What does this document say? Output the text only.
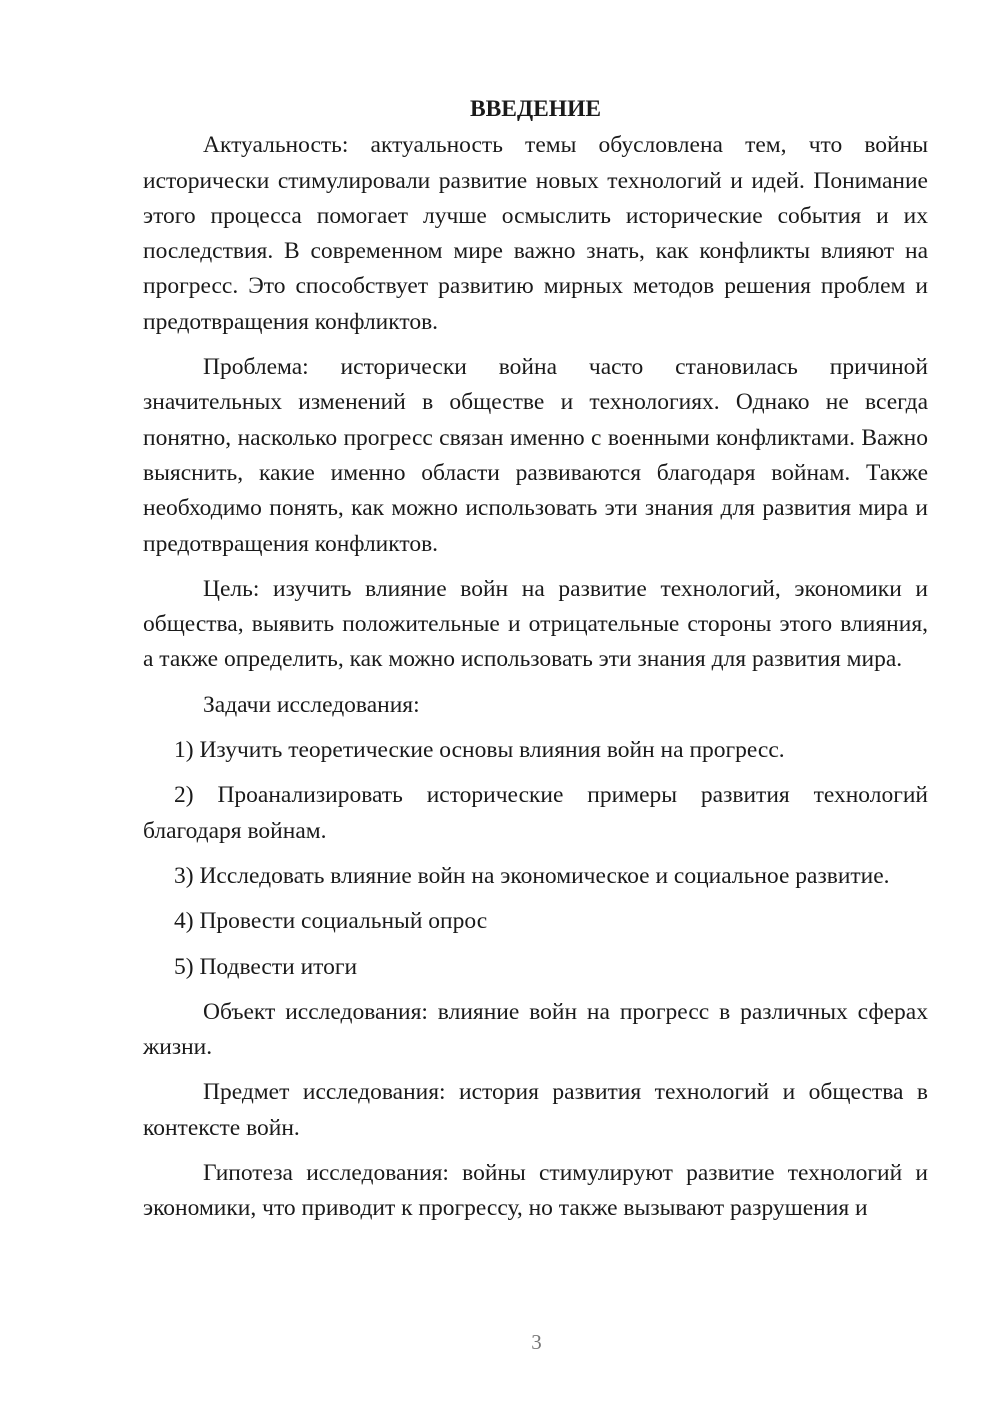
ВВЕДЕНИЕ

Актуальность: актуальность темы обусловлена тем, что войны исторически стимулировали развитие новых технологий и идей. Понимание этого процесса помогает лучше осмыслить исторические события и их последствия. В современном мире важно знать, как конфликты влияют на прогресс. Это способствует развитию мирных методов решения проблем и предотвращения конфликтов.

Проблема: исторически война часто становилась причиной значительных изменений в обществе и технологиях. Однако не всегда понятно, насколько прогресс связан именно с военными конфликтами. Важно выяснить, какие именно области развиваются благодаря войнам. Также необходимо понять, как можно использовать эти знания для развития мира и предотвращения конфликтов.

Цель: изучить влияние войн на развитие технологий, экономики и общества, выявить положительные и отрицательные стороны этого влияния, а также определить, как можно использовать эти знания для развития мира.

Задачи исследования:

1) Изучить теоретические основы влияния войн на прогресс.

2) Проанализировать исторические примеры развития технологий благодаря войнам.

3) Исследовать влияние войн на экономическое и социальное развитие.

4) Провести социальный опрос

5) Подвести итоги

Объект исследования: влияние войн на прогресс в различных сферах жизни.

Предмет исследования: история развития технологий и общества в контексте войн.

Гипотеза исследования: войны стимулируют развитие технологий и экономики, что приводит к прогрессу, но также вызывают разрушения и

3
